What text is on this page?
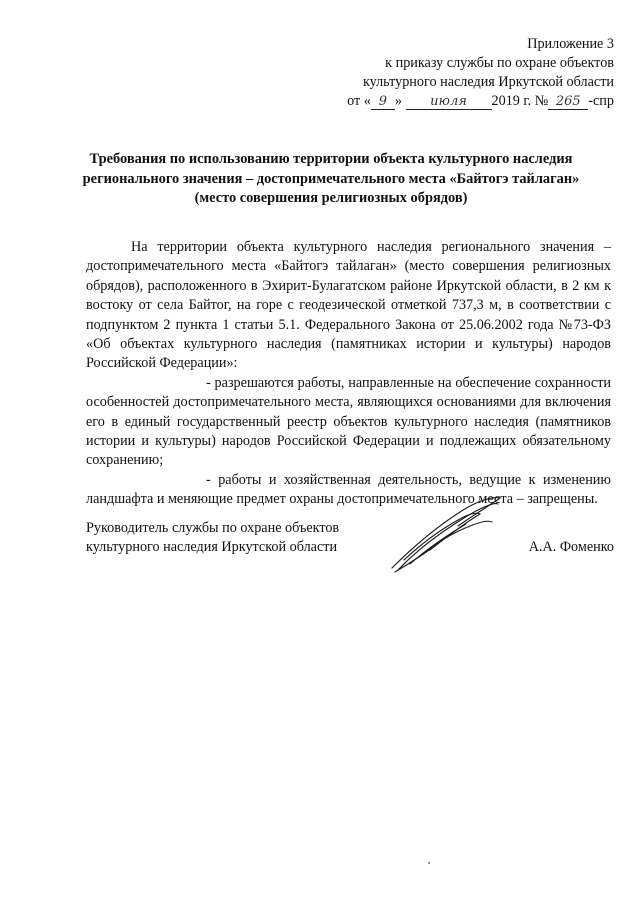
Приложение 3
к приказу службы по охране объектов
культурного наследия Иркутской области
от « 9 » июля 2019 г. № 265 -спр
Требования по использованию территории объекта культурного наследия
регионального значения – достопримечательного места «Байтогэ тайлаган»
(место совершения религиозных обрядов)

На территории объекта культурного наследия регионального значения – достопримечательного места «Байтогэ тайлаган» (место совершения религиозных обрядов), расположенного в Эхирит-Булагатском районе Иркутской области, в 2 км к востоку от села Байтог, на горе с геодезической отметкой 737,3 м, в соответствии с подпунктом 2 пункта 1 статьи 5.1. Федерального Закона от 25.06.2002 года №73-ФЗ «Об объектах культурного наследия (памятниках истории и культуры) народов Российской Федерации»:

- разрешаются работы, направленные на обеспечение сохранности особенностей достопримечательного места, являющихся основаниями для включения его в единый государственный реестр объектов культурного наследия (памятников истории и культуры) народов Российской Федерации и подлежащих обязательному сохранению;

- работы и хозяйственная деятельность, ведущие к изменению ландшафта и меняющие предмет охраны достопримечательного места – запрещены.

Руководитель службы по охране объектов
культурного наследия Иркутской области	А.А. Фоменко
